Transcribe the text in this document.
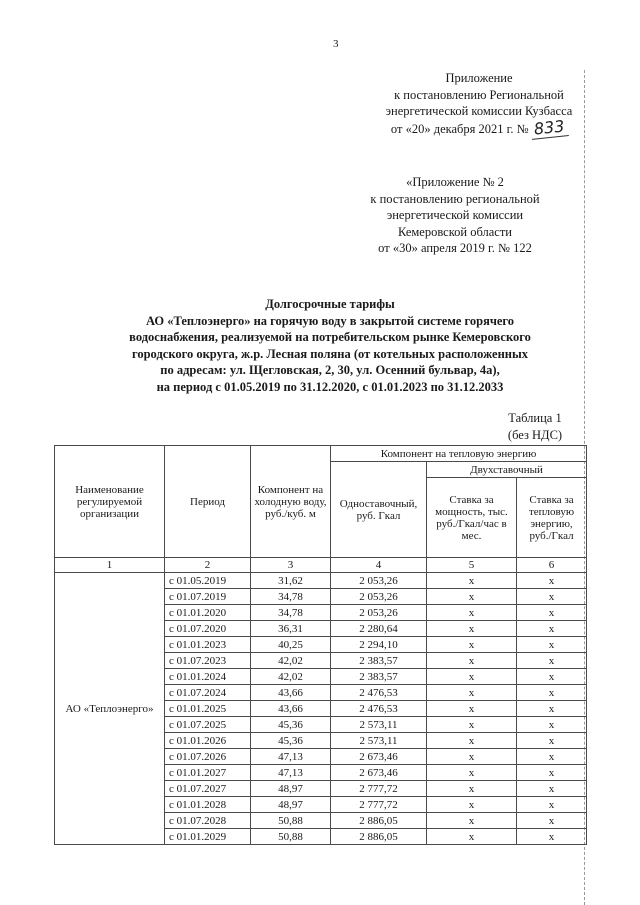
3
Приложение
к постановлению Региональной
энергетической комиссии Кузбасса
от «20» декабря 2021 г. № 833
«Приложение № 2
к постановлению региональной
энергетической комиссии
Кемеровской области
от «30» апреля 2019 г. № 122
Долгосрочные тарифы
АО «Теплоэнерго» на горячую воду в закрытой системе горячего
водоснабжения, реализуемой на потребительском рынке Кемеровского
городского округа, ж.р. Лесная поляна (от котельных расположенных
по адресам: ул. Щегловская, 2, 30, ул. Осенний бульвар, 4а),
на период с 01.05.2019 по 31.12.2020, с 01.01.2023 по 31.12.2033
Таблица 1
(без НДС)
Наименование регулируемой организации	Период	Компонент на холодную воду, руб./куб. м	Компонент на тепловую энергию		
			Одноставочный, руб. Гкал	Двухставочный	
				Ставка за мощность, тыс. руб./Гкал/час в мес.	Ставка за тепловую энергию, руб./Гкал
1	2	3	4	5	6
АО «Теплоэнерго»	с 01.05.2019	31,62	2 053,26	х	х
	с 01.07.2019	34,78	2 053,26	х	х
	с 01.01.2020	34,78	2 053,26	х	х
	с 01.07.2020	36,31	2 280,64	х	х
	с 01.01.2023	40,25	2 294,10	х	х
	с 01.07.2023	42,02	2 383,57	х	х
	с 01.01.2024	42,02	2 383,57	х	х
	с 01.07.2024	43,66	2 476,53	х	х
	с 01.01.2025	43,66	2 476,53	х	х
	с 01.07.2025	45,36	2 573,11	х	х
	с 01.01.2026	45,36	2 573,11	х	х
	с 01.07.2026	47,13	2 673,46	х	х
	с 01.01.2027	47,13	2 673,46	х	х
	с 01.07.2027	48,97	2 777,72	х	х
	с 01.01.2028	48,97	2 777,72	х	х
	с 01.07.2028	50,88	2 886,05	х	х
	с 01.01.2029	50,88	2 886,05	х	х
